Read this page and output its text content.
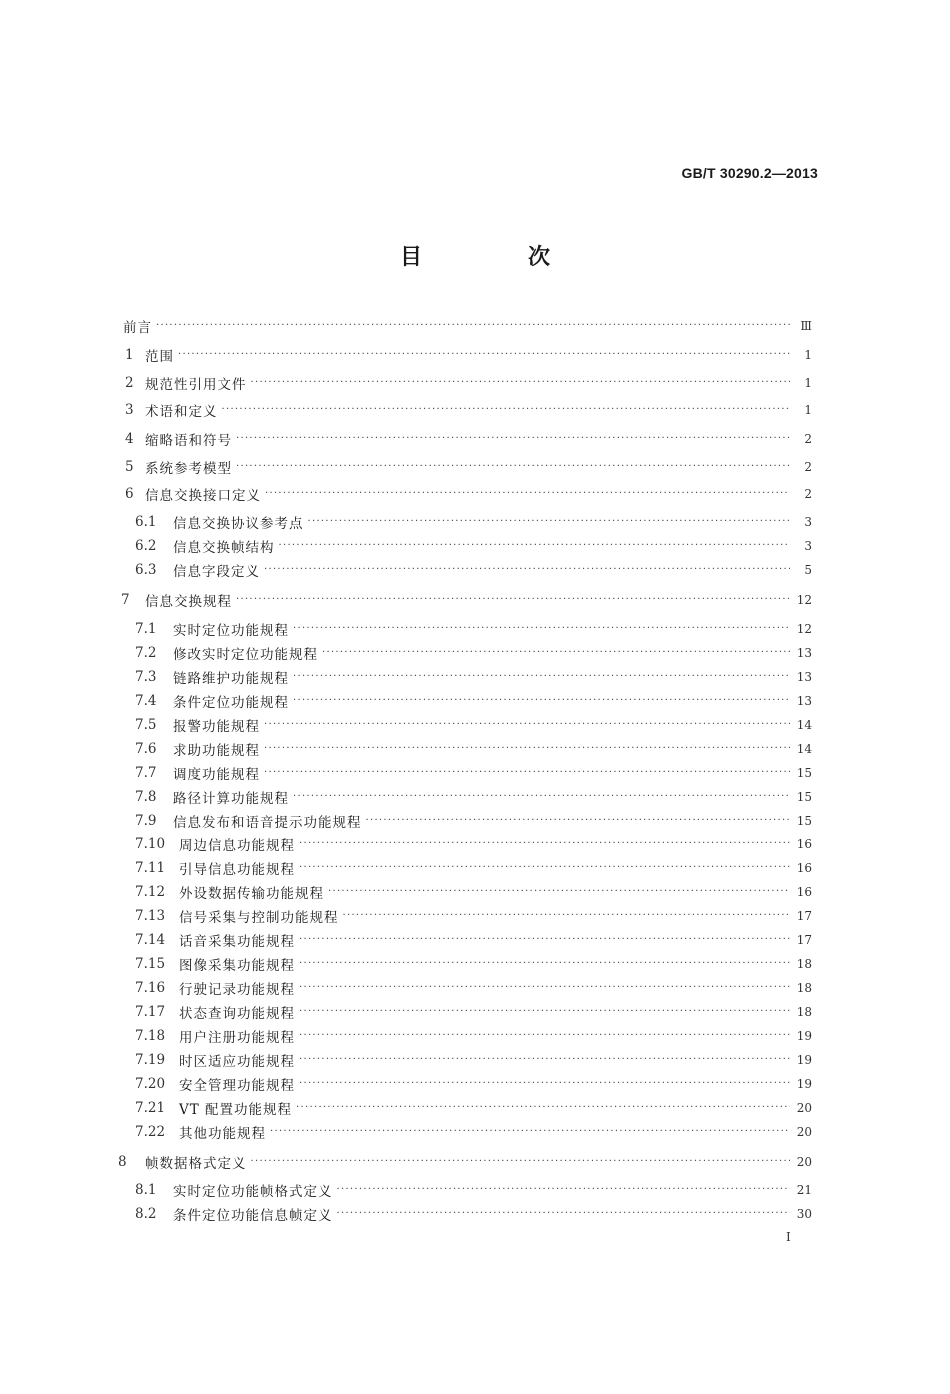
GB/T 30290.2—2013
目　次
前言 ·····	Ⅲ
1 范围 ·····	1
2 规范性引用文件 ·····	1
3 术语和定义 ·····	1
4 缩略语和符号 ·····	2
5 系统参考模型 ·····	2
6 信息交换接口定义 ·····	2
6.1	信息交换协议参考点 ·····	3
6.2	信息交换帧结构 ·····	3
6.3	信息字段定义 ·····	5
7	信息交换规程 ·····	12
7.1	实时定位功能规程 ·····	12
7.2	修改实时定位功能规程 ·····	13
7.3	链路维护功能规程 ·····	13
7.4	条件定位功能规程 ·····	13
7.5	报警功能规程 ·····	14
7.6	求助功能规程 ·····	14
7.7	调度功能规程 ·····	15
7.8	路径计算功能规程 ·····	15
7.9	信息发布和语音提示功能规程 ·····	15
7.10	周边信息功能规程 ·····	16
7.11	引导信息功能规程 ·····	16
7.12	外设数据传输功能规程 ·····	16
7.13	信号采集与控制功能规程 ·····	17
7.14	话音采集功能规程 ·····	17
7.15	图像采集功能规程 ·····	18
7.16	行驶记录功能规程 ·····	18
7.17	状态查询功能规程 ·····	18
7.18	用户注册功能规程 ·····	19
7.19	时区适应功能规程 ·····	19
7.20	安全管理功能规程 ·····	19
7.21	VT 配置功能规程 ·····	20
7.22	其他功能规程 ·····	20
8	帧数据格式定义 ·····	20
8.1	实时定位功能帧格式定义 ·····	21
8.2	条件定位功能信息帧定义 ·····	30
I
